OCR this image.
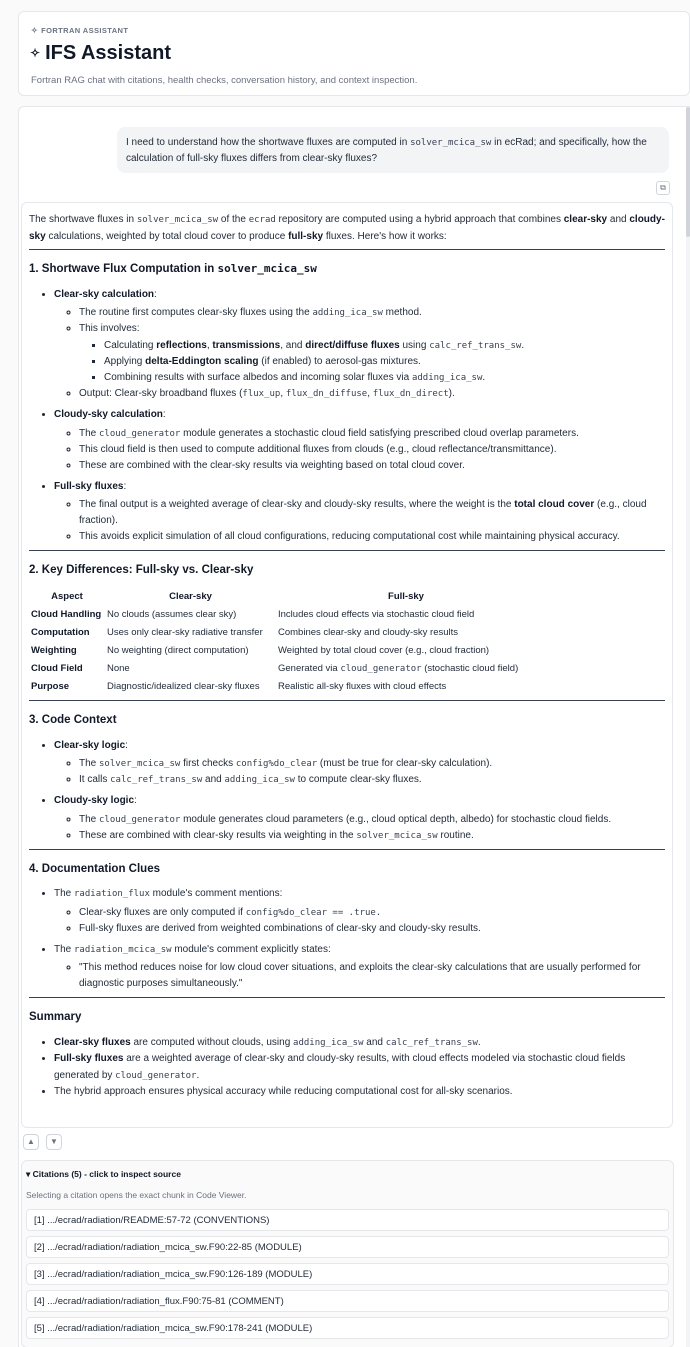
✧ FORTRAN ASSISTANT
✧ IFS Assistant
Fortran RAG chat with citations, health checks, conversation history, and context inspection.
I need to understand how the shortwave fluxes are computed in solver_mcica_sw in ecRad; and specifically, how the calculation of full-sky fluxes differs from clear-sky fluxes?
⧉

The shortwave fluxes in solver_mcica_sw of the ecrad repository are computed using a hybrid approach that combines clear-sky and cloudy-sky calculations, weighted by total cloud cover to produce full-sky fluxes. Here's how it works:

1. Shortwave Flux Computation in solver_mcica_sw
• Clear-sky calculation:
◦ The routine first computes clear-sky fluxes using the adding_ica_sw method.
◦ This involves:
▪ Calculating reflections, transmissions, and direct/diffuse fluxes using calc_ref_trans_sw.
▪ Applying delta-Eddington scaling (if enabled) to aerosol-gas mixtures.
▪ Combining results with surface albedos and incoming solar fluxes via adding_ica_sw.
◦ Output: Clear-sky broadband fluxes (flux_up, flux_dn_diffuse, flux_dn_direct).
• Cloudy-sky calculation:
◦ The cloud_generator module generates a stochastic cloud field satisfying prescribed cloud overlap parameters.
◦ This cloud field is then used to compute additional fluxes from clouds (e.g., cloud reflectance/transmittance).
◦ These are combined with the clear-sky results via weighting based on total cloud cover.
• Full-sky fluxes:
◦ The final output is a weighted average of clear-sky and cloudy-sky results, where the weight is the total cloud cover (e.g., cloud fraction).
◦ This avoids explicit simulation of all cloud configurations, reducing computational cost while maintaining physical accuracy.
2. Key Differences: Full-sky vs. Clear-sky
Aspect	Clear-sky	Full-sky
Cloud Handling	No clouds (assumes clear sky)	Includes cloud effects via stochastic cloud field
Computation	Uses only clear-sky radiative transfer	Combines clear-sky and cloudy-sky results
Weighting	No weighting (direct computation)	Weighted by total cloud cover (e.g., cloud fraction)
Cloud Field	None	Generated via cloud_generator (stochastic cloud field)
Purpose	Diagnostic/idealized clear-sky fluxes	Realistic all-sky fluxes with cloud effects
3. Code Context
• Clear-sky logic:
◦ The solver_mcica_sw first checks config%do_clear (must be true for clear-sky calculation).
◦ It calls calc_ref_trans_sw and adding_ica_sw to compute clear-sky fluxes.
• Cloudy-sky logic:
◦ The cloud_generator module generates cloud parameters (e.g., cloud optical depth, albedo) for stochastic cloud fields.
◦ These are combined with clear-sky results via weighting in the solver_mcica_sw routine.
4. Documentation Clues
• The radiation_flux module's comment mentions:
◦ Clear-sky fluxes are only computed if config%do_clear == .true.
◦ Full-sky fluxes are derived from weighted combinations of clear-sky and cloudy-sky results.
• The radiation_mcica_sw module's comment explicitly states:
◦ "This method reduces noise for low cloud cover situations, and exploits the clear-sky calculations that are usually performed for diagnostic purposes simultaneously."
Summary
• Clear-sky fluxes are computed without clouds, using adding_ica_sw and calc_ref_trans_sw.
• Full-sky fluxes are a weighted average of clear-sky and cloudy-sky results, with cloud effects modeled via stochastic cloud fields generated by cloud_generator.
• The hybrid approach ensures physical accuracy while reducing computational cost for all-sky scenarios.
▲	▼
▾ Citations (5) - click to inspect source
Selecting a citation opens the exact chunk in Code Viewer.
[1] .../ecrad/radiation/README:57-72 (CONVENTIONS)
[2] .../ecrad/radiation/radiation_mcica_sw.F90:22-85 (MODULE)
[3] .../ecrad/radiation/radiation_mcica_sw.F90:126-189 (MODULE)
[4] .../ecrad/radiation/radiation_flux.F90:75-81 (COMMENT)
[5] .../ecrad/radiation/radiation_mcica_sw.F90:178-241 (MODULE)
